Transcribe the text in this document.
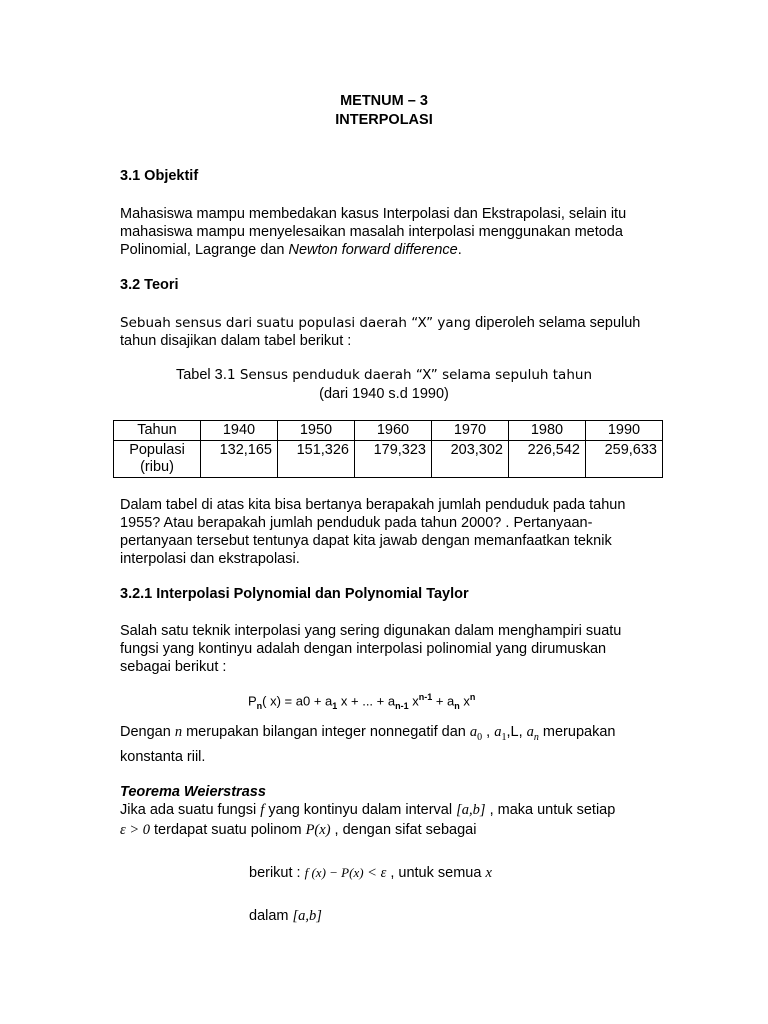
METNUM – 3
INTERPOLASI
3.1 Objektif
Mahasiswa mampu membedakan kasus Interpolasi dan Ekstrapolasi, selain itu
mahasiswa mampu menyelesaikan masalah interpolasi menggunakan metoda
Polinomial, Lagrange dan Newton forward difference.
3.2 Teori
Sebuah sensus dari suatu populasi daerah “X” yang diperoleh selama sepuluh
tahun disajikan dalam tabel berikut :
Tabel 3.1 Sensus penduduk daerah “X” selama sepuluh tahun
(dari 1940 s.d 1990)
Tahun	1940	1950	1960	1970	1980	1990

Populasi
(ribu)	132,165	151,326	179,323	203,302	226,542	259,633
Dalam tabel di atas kita bisa bertanya berapakah jumlah penduduk pada tahun
1955? Atau berapakah jumlah penduduk pada tahun 2000? . Pertanyaan-
pertanyaan tersebut tentunya dapat kita jawab dengan memanfaatkan teknik
interpolasi dan ekstrapolasi.
3.2.1 Interpolasi Polynomial dan Polynomial Taylor
Salah satu teknik interpolasi yang sering digunakan dalam menghampiri suatu
fungsi yang kontinyu adalah dengan interpolasi polinomial yang dirumuskan
sebagai berikut :
$P_n$( $x) = a0 + a_1$ x + ... + $a_{n-1}$ $x^{n-1} + a_n$ $x^n$
Dengan n merupakan bilangan integer nonnegatif dan $a_0$ , $a_1,L$, $a_n$ merupakan
konstanta riil.
Teorema Weierstrass
Jika ada suatu fungsi f yang kontinyu dalam interval [a,b] , maka untuk setiap
ε > 0 terdapat suatu polinom P(x) , dengan sifat sebagai
berikut : f (x) − P(x) < ε , untuk semua x
dalam [a,b]
